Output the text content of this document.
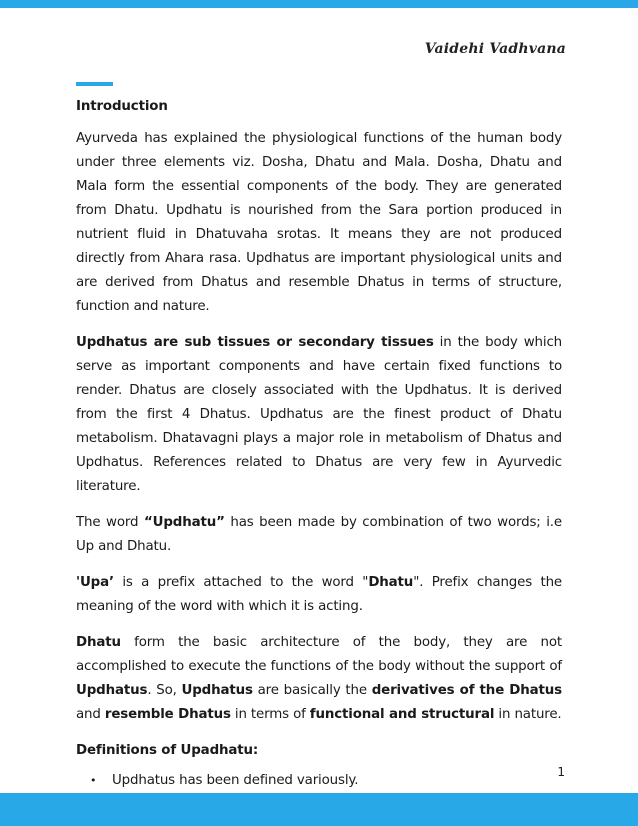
Vaidehi Vadhvana

Introduction

Ayurveda has explained the physiological functions of the human body under three elements viz. Dosha, Dhatu and Mala. Dosha, Dhatu and Mala form the essential components of the body. They are generated from Dhatu. Updhatu is nourished from the Sara portion produced in nutrient fluid in Dhatuvaha srotas. It means they are not produced directly from Ahara rasa. Updhatus are important physiological units and are derived from Dhatus and resemble Dhatus in terms of structure, function and nature.

Updhatus are sub tissues or secondary tissues in the body which serve as important components and have certain fixed functions to render. Dhatus are closely associated with the Updhatus. It is derived from the first 4 Dhatus. Updhatus are the finest product of Dhatu metabolism. Dhatavagni plays a major role in metabolism of Dhatus and Updhatus. References related to Dhatus are very few in Ayurvedic literature.

The word “Updhatu” has been made by combination of two words; i.e Up and Dhatu.

'Upa’ is a prefix attached to the word "Dhatu". Prefix changes the meaning of the word with which it is acting.

Dhatu form the basic architecture of the body, they are not accomplished to execute the functions of the body without the support of Updhatus. So, Updhatus are basically the derivatives of the Dhatus and resemble Dhatus in terms of functional and structural in nature.

Definitions of Upadhatu:

•	Updhatus has been defined variously.
1
